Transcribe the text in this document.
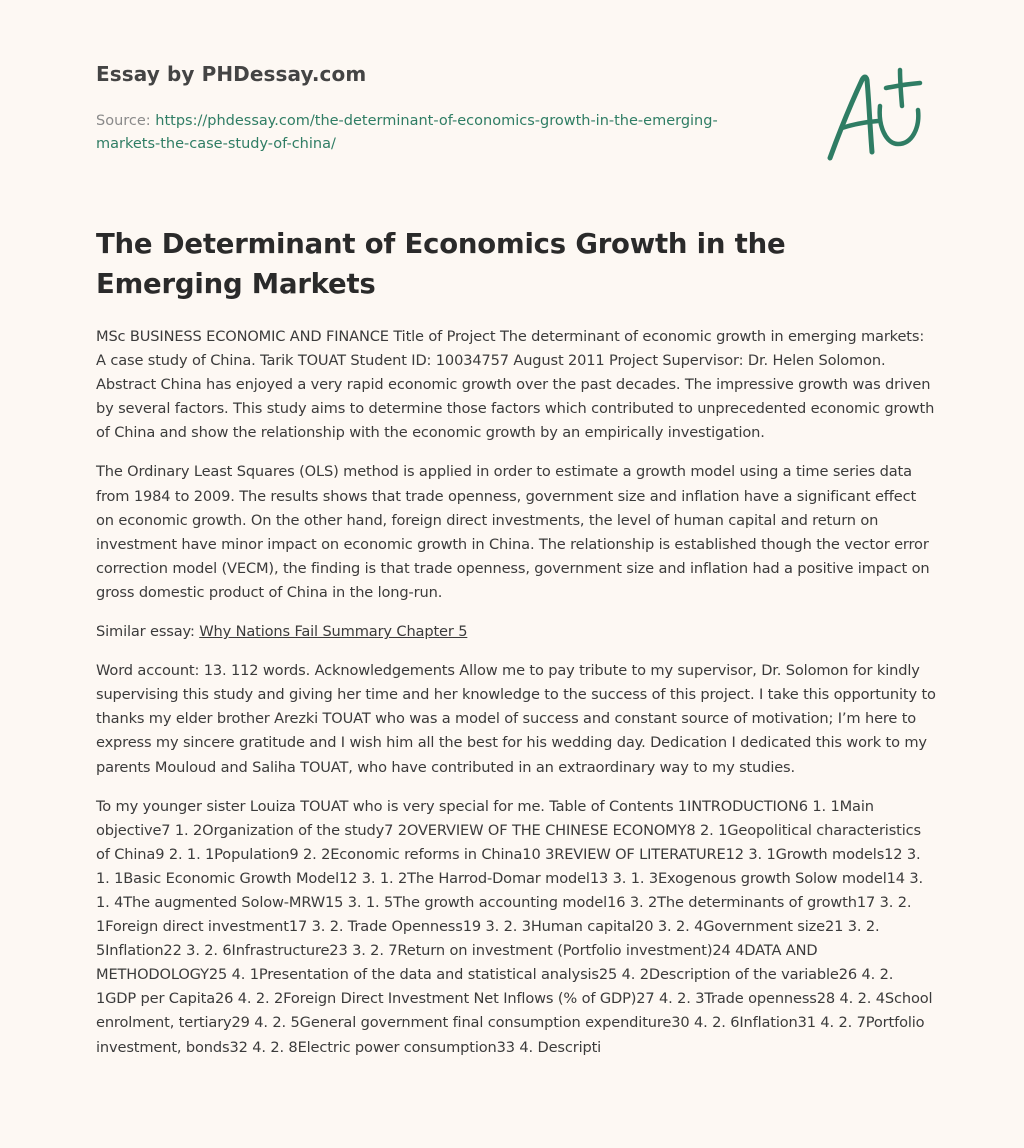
Essay by PHDessay.com
Source: https://phdessay.com/the-determinant-of-economics-growth-in-the-emerging-markets-the-case-study-of-china/
The Determinant of Economics Growth in the Emerging Markets

MSc BUSINESS ECONOMIC AND FINANCE Title of Project The determinant of economic growth in emerging markets: A case study of China. Tarik TOUAT Student ID: 10034757 August 2011 Project Supervisor: Dr. Helen Solomon. Abstract China has enjoyed a very rapid economic growth over the past decades. The impressive growth was driven by several factors. This study aims to determine those factors which contributed to unprecedented economic growth of China and show the relationship with the economic growth by an empirically investigation.

The Ordinary Least Squares (OLS) method is applied in order to estimate a growth model using a time series data from 1984 to 2009. The results shows that trade openness, government size and inflation have a significant effect on economic growth. On the other hand, foreign direct investments, the level of human capital and return on investment have minor impact on economic growth in China. The relationship is established though the vector error correction model (VECM), the finding is that trade openness, government size and inflation had a positive impact on gross domestic product of China in the long-run.

Similar essay: Why Nations Fail Summary Chapter 5

Word account: 13. 112 words. Acknowledgements Allow me to pay tribute to my supervisor, Dr. Solomon for kindly supervising this study and giving her time and her knowledge to the success of this project. I take this opportunity to thanks my elder brother Arezki TOUAT who was a model of success and constant source of motivation; I’m here to express my sincere gratitude and I wish him all the best for his wedding day. Dedication I dedicated this work to my parents Mouloud and Saliha TOUAT, who have contributed in an extraordinary way to my studies.

To my younger sister Louiza TOUAT who is very special for me. Table of Contents 1INTRODUCTION6 1. 1Main objective7 1. 2Organization of the study7 2OVERVIEW OF THE CHINESE ECONOMY8 2. 1Geopolitical characteristics of China9 2. 1. 1Population9 2. 2Economic reforms in China10 3REVIEW OF LITERATURE12 3. 1Growth models12 3. 1. 1Basic Economic Growth Model12 3. 1. 2The Harrod-Domar model13 3. 1. 3Exogenous growth Solow model14 3. 1. 4The augmented Solow-MRW15 3. 1. 5The growth accounting model16 3. 2The determinants of growth17 3. 2. 1Foreign direct investment17 3. 2. Trade Openness19 3. 2. 3Human capital20 3. 2. 4Government size21 3. 2. 5Inflation22 3. 2. 6Infrastructure23 3. 2. 7Return on investment (Portfolio investment)24 4DATA AND METHODOLOGY25 4. 1Presentation of the data and statistical analysis25 4. 2Description of the variable26 4. 2. 1GDP per Capita26 4. 2. 2Foreign Direct Investment Net Inflows (% of GDP)27 4. 2. 3Trade openness28 4. 2. 4School enrolment, tertiary29 4. 2. 5General government final consumption expenditure30 4. 2. 6Inflation31 4. 2. 7Portfolio investment, bonds32 4. 2. 8Electric power consumption33 4. Descripti
